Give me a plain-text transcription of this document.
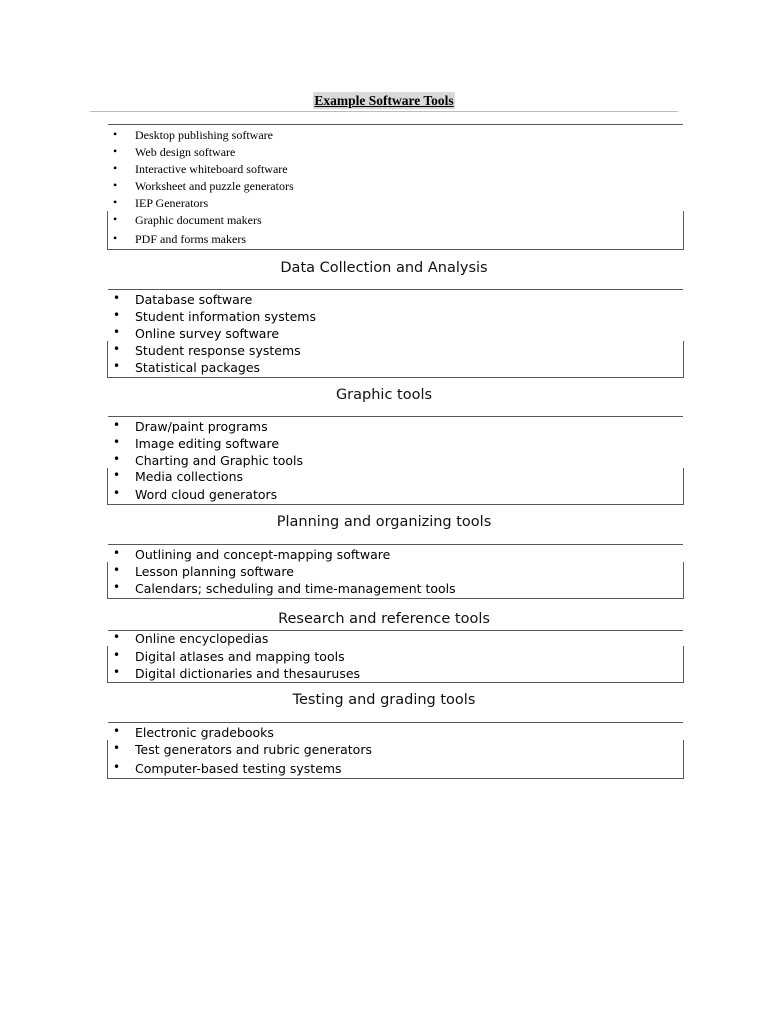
Example Software Tools
• Desktop publishing software
• Web design software
• Interactive whiteboard software
• Worksheet and puzzle generators
• IEP Generators
• Graphic document makers
• PDF and forms makers
Data Collection and Analysis
• Database software
• Student information systems
• Online survey software
• Student response systems
• Statistical packages
Graphic tools
• Draw/paint programs
• Image editing software
• Charting and Graphic tools
• Media collections
• Word cloud generators
Planning and organizing tools
• Outlining and concept-mapping software
• Lesson planning software
• Calendars; scheduling and time-management tools
Research and reference tools
• Online encyclopedias
• Digital atlases and mapping tools
• Digital dictionaries and thesauruses
Testing and grading tools
• Electronic gradebooks
• Test generators and rubric generators
• Computer-based testing systems
